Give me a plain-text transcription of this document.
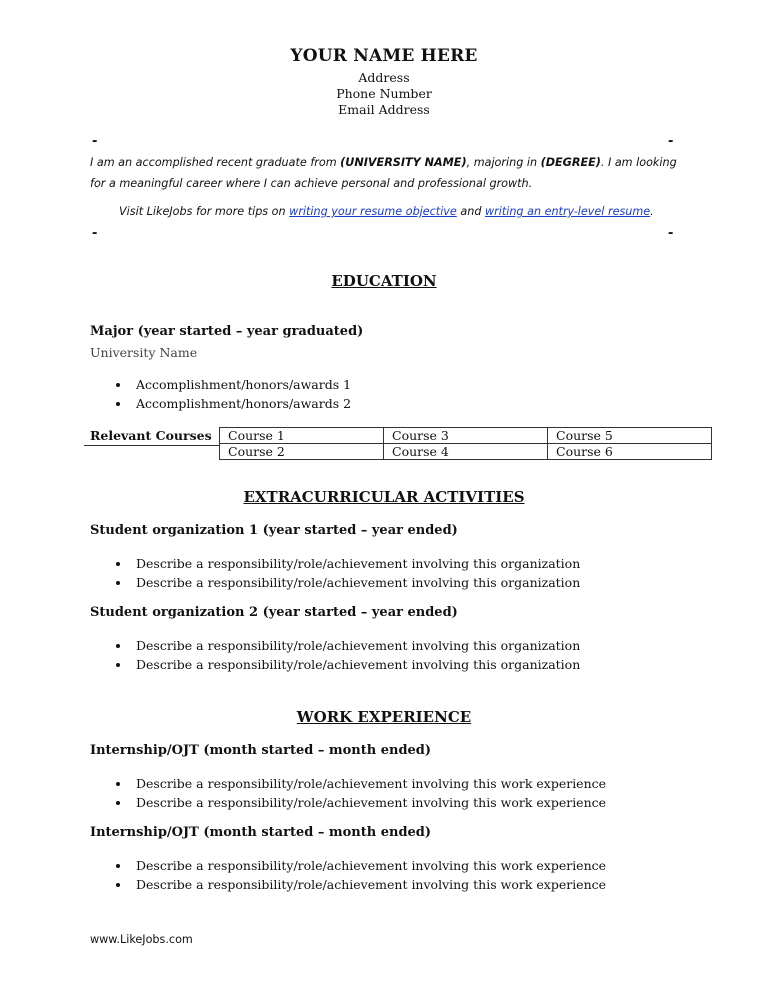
YOUR NAME HERE
Address
Phone Number
Email Address
-	-
I am an accomplished recent graduate from (UNIVERSITY NAME), majoring in (DEGREE). I am looking for a meaningful career where I can achieve personal and professional growth.
Visit LikeJobs for more tips on writing your resume objective and writing an entry-level resume.
-	-
EDUCATION
Major (year started – year graduated)
University Name
Accomplishment/honors/awards 1
Accomplishment/honors/awards 2
Relevant Courses Course 1	Course 3	Course 5
Course 2	Course 4	Course 6
EXTRACURRICULAR ACTIVITIES
Student organization 1 (year started – year ended)
Describe a responsibility/role/achievement involving this organization
Describe a responsibility/role/achievement involving this organization
Student organization 2 (year started – year ended)
Describe a responsibility/role/achievement involving this organization
Describe a responsibility/role/achievement involving this organization
WORK EXPERIENCE
Internship/OJT (month started – month ended)
Describe a responsibility/role/achievement involving this work experience
Describe a responsibility/role/achievement involving this work experience
Internship/OJT (month started – month ended)
Describe a responsibility/role/achievement involving this work experience
Describe a responsibility/role/achievement involving this work experience
www.LikeJobs.com
